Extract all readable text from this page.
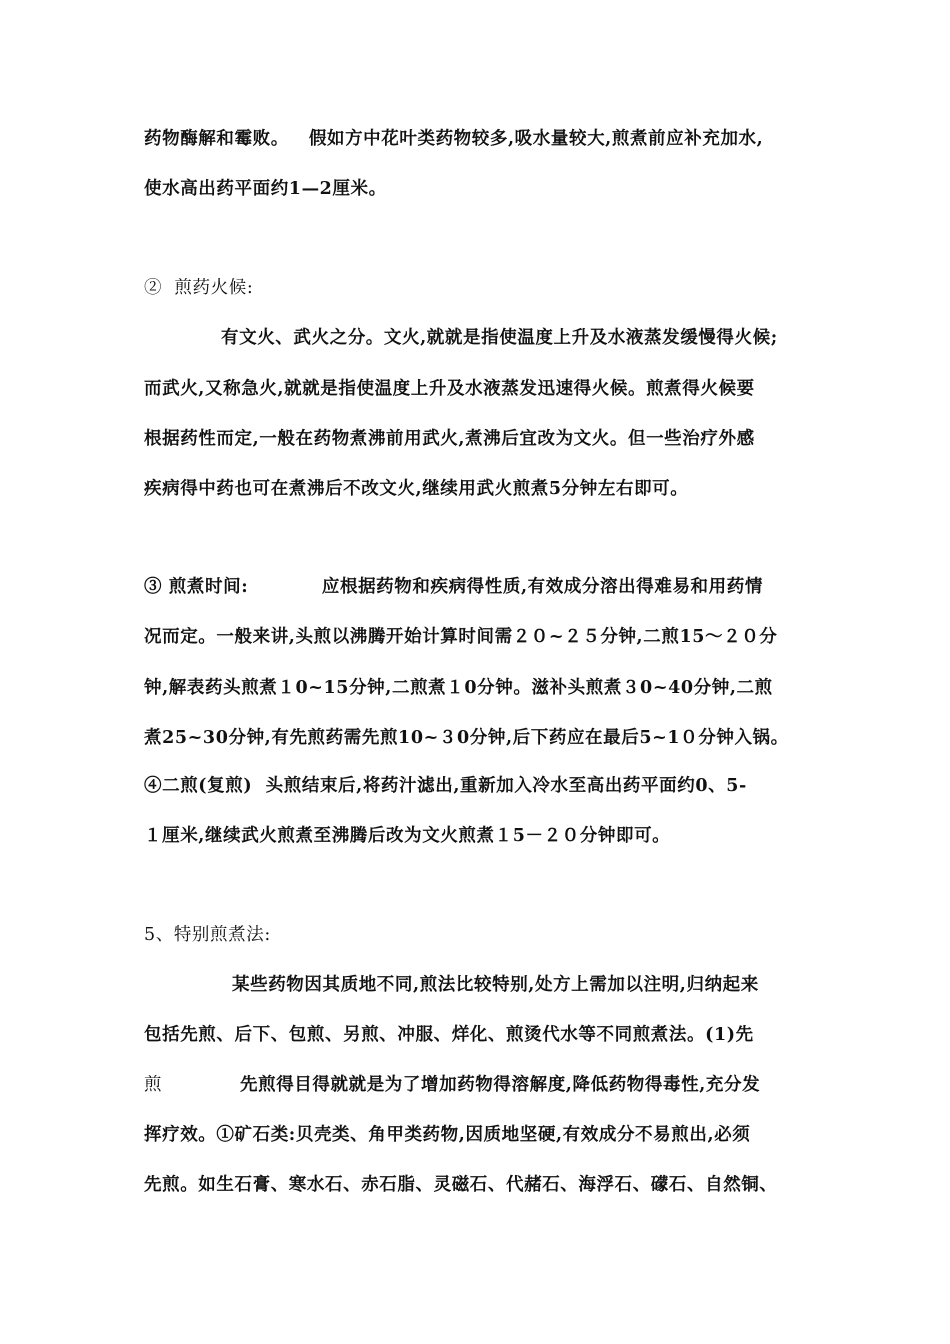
药物酶解和霉败。   假如方中花叶类药物较多,吸水量较大,煎煮前应补充加水,
使水高出药平面约1—2厘米。
②  煎药火候:
有文火、武火之分。文火,就就是指使温度上升及水液蒸发缓慢得火候;
而武火,又称急火,就就是指使温度上升及水液蒸发迅速得火候。煎煮得火候要
根据药性而定,一般在药物煮沸前用武火,煮沸后宜改为文火。但一些治疗外感
疾病得中药也可在煮沸后不改文火,继续用武火煎煮5分钟左右即可。
③ 煎煮时间:           应根据药物和疾病得性质,有效成分溶出得难易和用药情
况而定。一般来讲,头煎以沸腾开始计算时间需２０~２５分钟,二煎15～２０分
钟,解表药头煎煮１0~15分钟,二煎煮１0分钟。滋补头煎煮３0~40分钟,二煎
煮25~30分钟,有先煎药需先煎10~３0分钟,后下药应在最后5~1０分钟入锅。
④二煎(复煎)  头煎结束后,将药汁滤出,重新加入冷水至高出药平面约0、5-
１厘米,继续武火煎煮至沸腾后改为文火煎煮１5－２０分钟即可。
5、特别煎煮法:
某些药物因其质地不同,煎法比较特别,处方上需加以注明,归纳起来
包括先煎、后下、包煎、另煎、冲服、烊化、煎烫代水等不同煎煮法。(1)先
煎	先煎得目得就就是为了增加药物得溶解度,降低药物得毒性,充分发
挥疗效。①矿石类:贝壳类、角甲类药物,因质地坚硬,有效成分不易煎出,必须
先煎。如生石膏、寒水石、赤石脂、灵磁石、代赭石、海浮石、礞石、自然铜、
